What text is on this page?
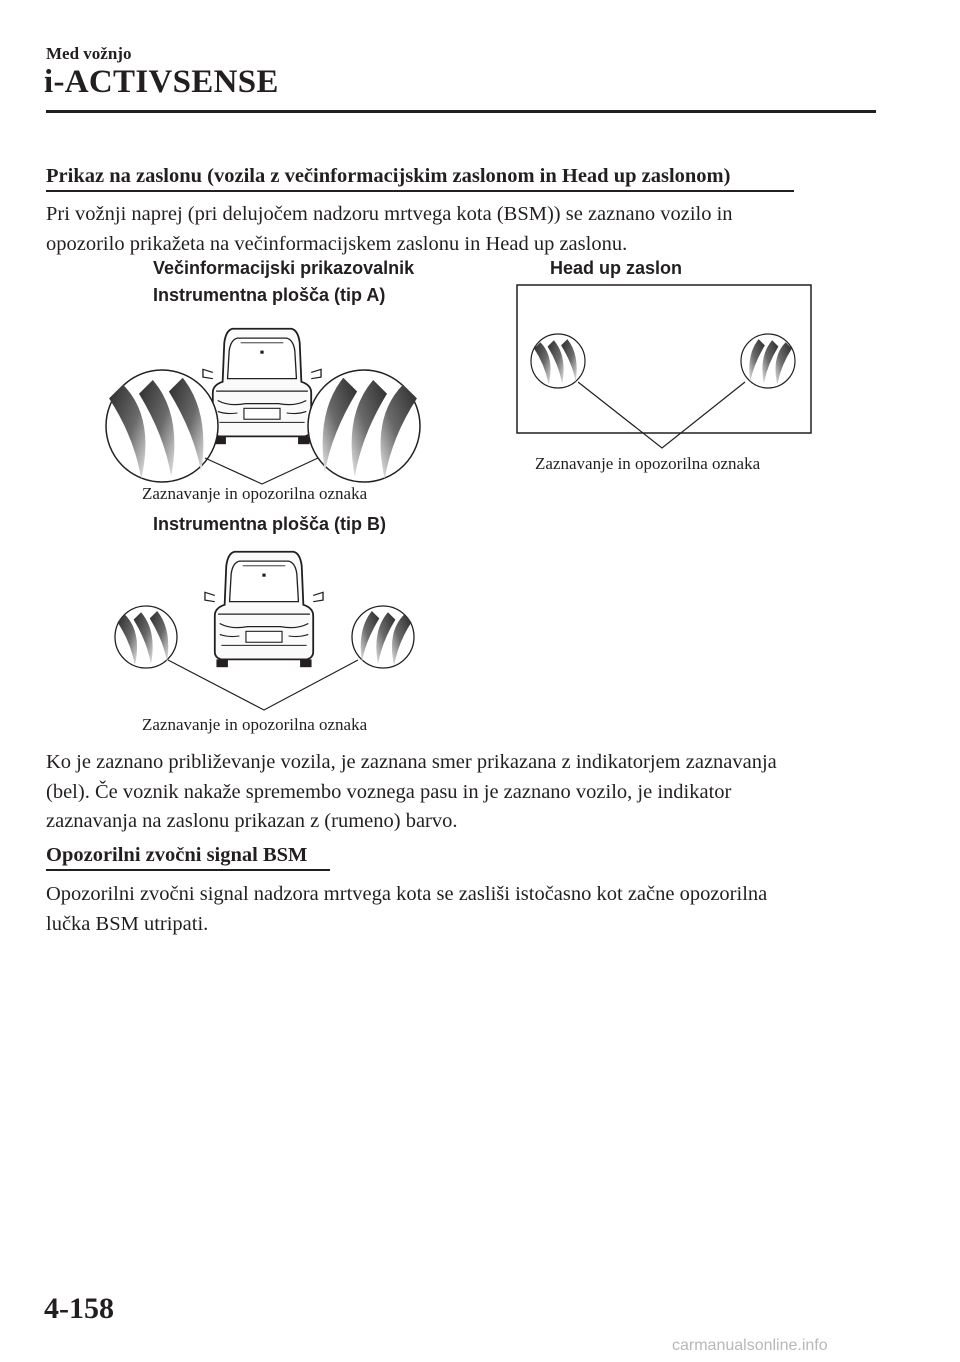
Med vožnjo
i-ACTIVSENSE
Prikaz na zaslonu (vozila z večinformacijskim zaslonom in Head up zaslonom)
Pri vožnji naprej (pri delujočem nadzoru mrtvega kota (BSM)) se zaznano vozilo in
opozorilo prikažeta na večinformacijskem zaslonu in Head up zaslonu.
Večinformacijski prikazovalnik
Instrumentna plošča (tip A)
Zaznavanje in opozorilna oznaka
Instrumentna plošča (tip B)
Zaznavanje in opozorilna oznaka
Head up zaslon
Zaznavanje in opozorilna oznaka
Ko je zaznano približevanje vozila, je zaznana smer prikazana z indikatorjem zaznavanja
(bel). Če voznik nakaže spremembo voznega pasu in je zaznano vozilo, je indikator
zaznavanja na zaslonu prikazan z (rumeno) barvo.
Opozorilni zvočni signal BSM
Opozorilni zvočni signal nadzora mrtvega kota se zasliši istočasno kot začne opozorilna
lučka BSM utripati.
4-158
carmanualsonline.info
